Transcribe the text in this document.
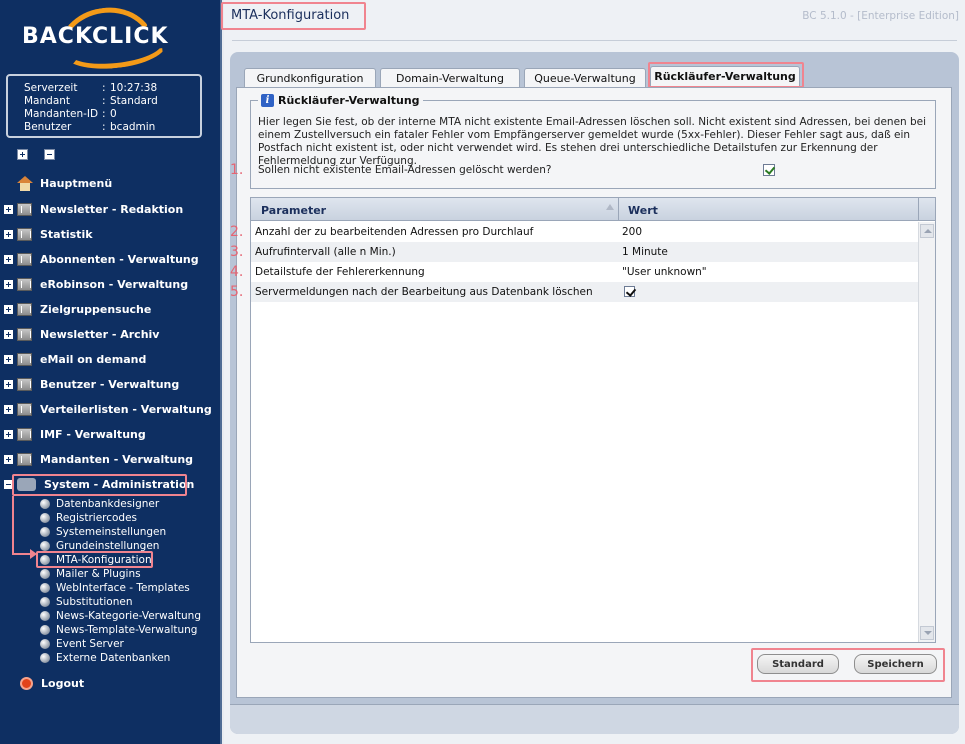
BACKCLICK
Serverzeit	: 10:27:38
Mandant	: Standard
Mandanten-ID : 0
Benutzer	: bcadmin
Hauptmenü
Newsletter - Redaktion
Statistik
Abonnenten - Verwaltung
eRobinson - Verwaltung
Zielgruppensuche
Newsletter - Archiv
eMail on demand
Benutzer - Verwaltung
Verteilerlisten - Verwaltung
IMF - Verwaltung
Mandanten - Verwaltung
System - Administration
Datenbankdesigner
Registriercodes
Systemeinstellungen
Grundeinstellungen
MTA-Konfiguration
Mailer & Plugins
WebInterface - Templates
Substitutionen
News-Kategorie-Verwaltung
News-Template-Verwaltung
Event Server
Externe Datenbanken
Logout
MTA-Konfiguration	BC 5.1.0 - [Enterprise Edition]
Grundkonfiguration	Domain-Verwaltung	Queue-Verwaltung Rückläufer-Verwaltung
i Rückläufer-Verwaltung
Hier legen Sie fest, ob der interne MTA nicht existente Email-Adressen löschen soll. Nicht existent sind Adressen, bei denen bei einem Zustellversuch ein fataler Fehler vom Empfängerserver gemeldet wurde (5xx-Fehler). Dieser Fehler sagt aus, daß ein Postfach nicht existent ist, oder nicht verwendet wird. Es stehen drei unterschiedliche Detailstufen zur Erkennung der Fehlermeldung zur Verfügung.
Sollen nicht existente Email-Adressen gelöscht werden?
1.
2.
3.
4.
5.
Parameter	Wert
Anzahl der zu bearbeitenden Adressen pro Durchlauf	200
Aufrufintervall (alle n Min.)	1 Minute
Detailstufe der Fehlererkennung	"User unknown"
Servermeldungen nach der Bearbeitung aus Datenbank löschen
Standard	Speichern
